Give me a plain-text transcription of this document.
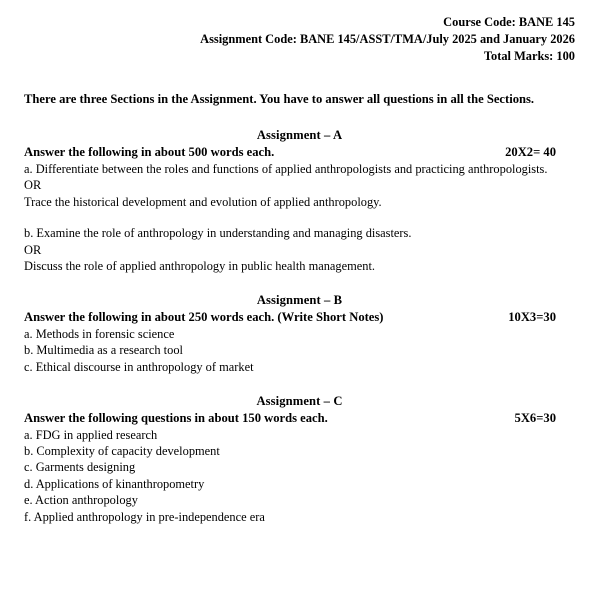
Course Code: BANE 145
Assignment Code: BANE 145/ASST/TMA/July 2025 and January 2026
Total Marks: 100
There are three Sections in the Assignment. You have to answer all questions in all the Sections.
Assignment – A
Answer the following in about 500 words each.	20X2= 40
a. Differentiate between the roles and functions of applied anthropologists and practicing anthropologists.
OR
Trace the historical development and evolution of applied anthropology.
b. Examine the role of anthropology in understanding and managing disasters.
OR
Discuss the role of applied anthropology in public health management.
Assignment – B
Answer the following in about 250 words each. (Write Short Notes)	10X3=30
a. Methods in forensic science
b. Multimedia as a research tool
c. Ethical discourse in anthropology of market
Assignment – C
Answer the following questions in about 150 words each.	5X6=30
a. FDG in applied research
b. Complexity of capacity development
c. Garments designing
d. Applications of kinanthropometry
e. Action anthropology
f. Applied anthropology in pre-independence era
